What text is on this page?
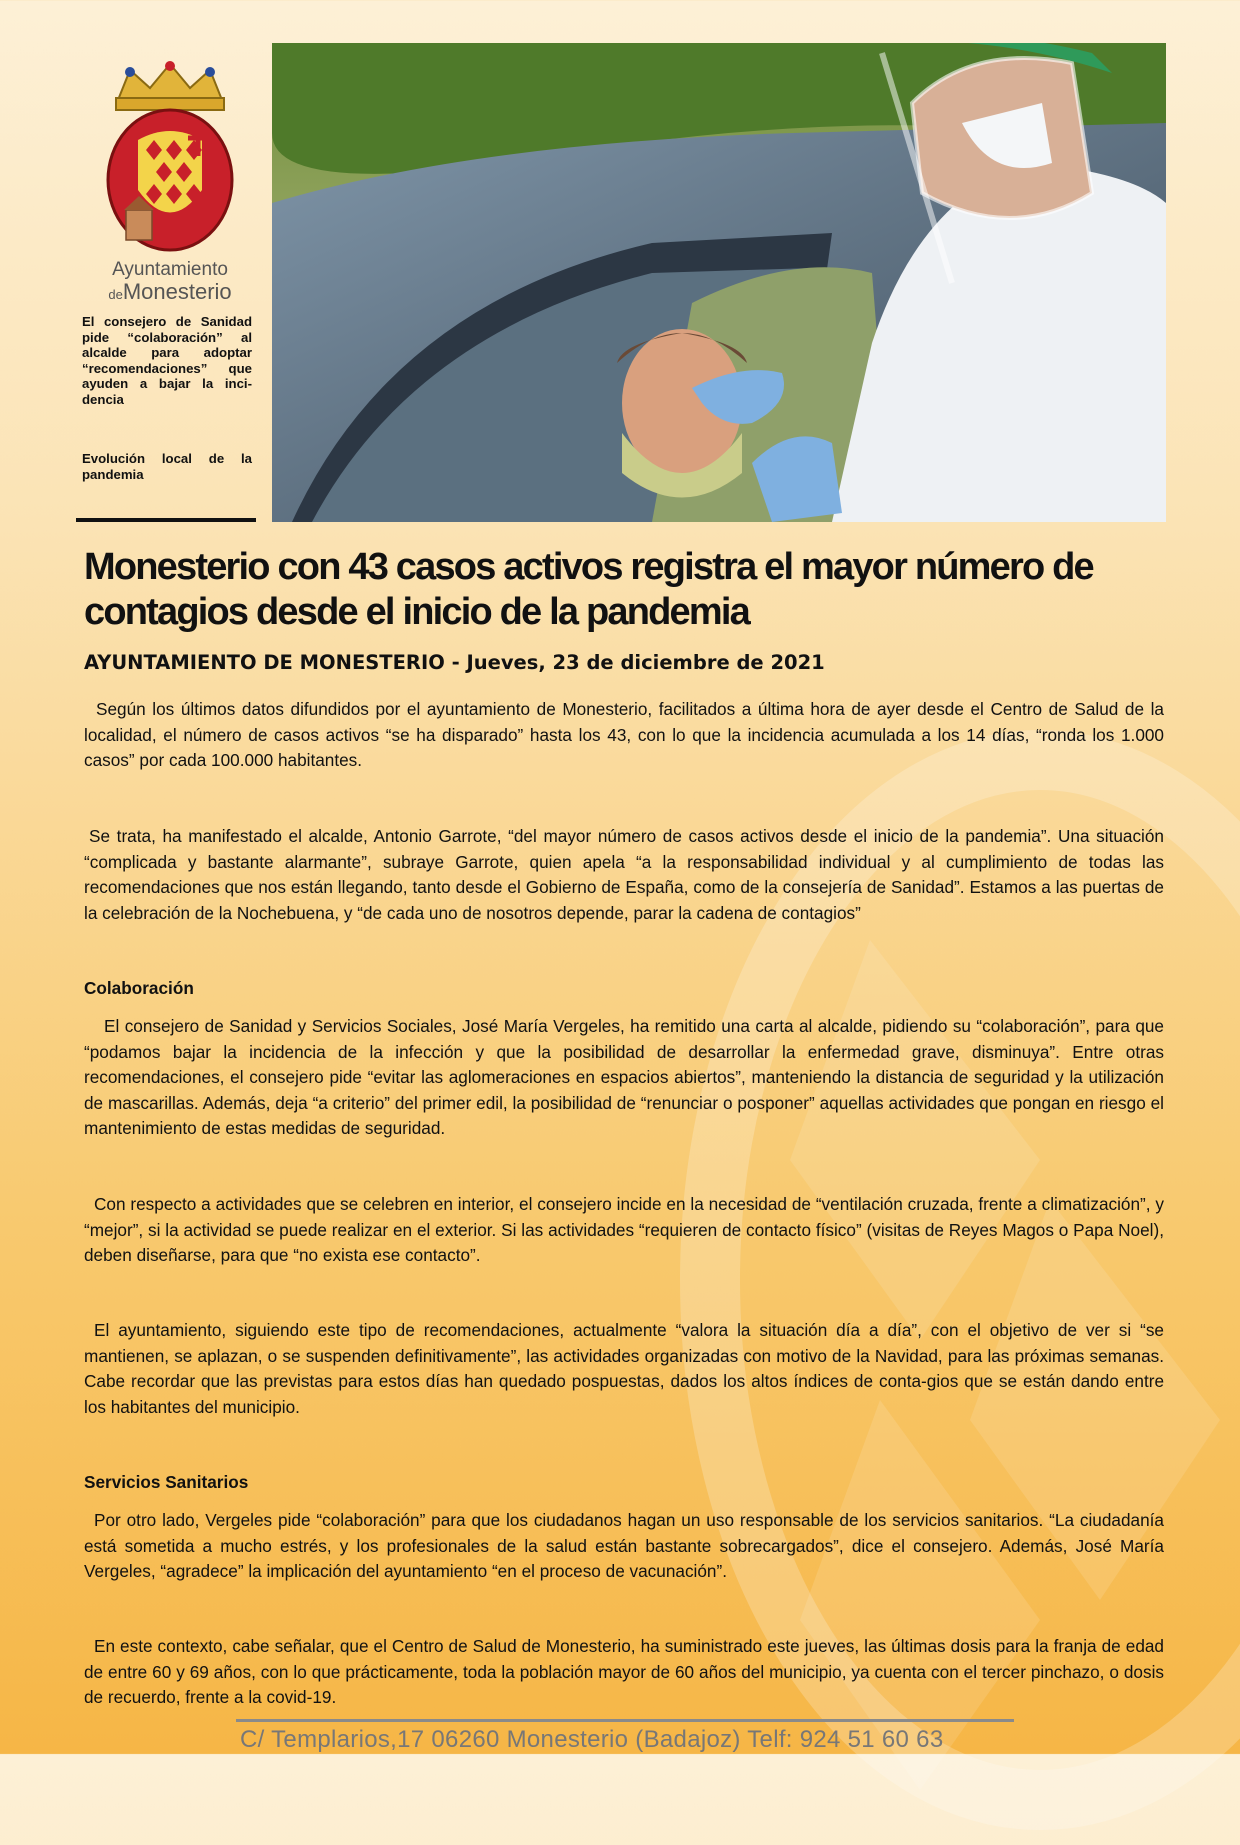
Ayuntamiento
deMonesterio

El consejero de Sanidad pide “colaboración” al alcalde para adoptar “recomendaciones” que ayuden a bajar la inci-dencia

Evolución local de la pandemia

Monesterio con 43 casos activos registra el mayor número de contagios desde el inicio de la pandemia
AYUNTAMIENTO DE MONESTERIO - Jueves, 23 de diciembre de 2021

Según los últimos datos difundidos por el ayuntamiento de Monesterio, facilitados a última hora de ayer desde el Centro de Salud de la localidad, el número de casos activos “se ha disparado” hasta los 43, con lo que la incidencia acumulada a los 14 días, “ronda los 1.000 casos” por cada 100.000 habitantes.

Se trata, ha manifestado el alcalde, Antonio Garrote, “del mayor número de casos activos desde el inicio de la pandemia”. Una situación “complicada y bastante alarmante”, subraye Garrote, quien apela “a la responsabilidad individual y al cumplimiento de todas las recomendaciones que nos están llegando, tanto desde el Gobierno de España, como de la consejería de Sanidad”. Estamos a las puertas de la celebración de la Nochebuena, y “de cada uno de nosotros depende, parar la cadena de contagios”

Colaboración

El consejero de Sanidad y Servicios Sociales, José María Vergeles, ha remitido una carta al alcalde, pidiendo su “colaboración”, para que “podamos bajar la incidencia de la infección y que la posibilidad de desarrollar la enfermedad grave, disminuya”. Entre otras recomendaciones, el consejero pide “evitar las aglomeraciones en espacios abiertos”, manteniendo la distancia de seguridad y la utilización de mascarillas. Además, deja “a criterio” del primer edil, la posibilidad de “renunciar o posponer” aquellas actividades que pongan en riesgo el mantenimiento de estas medidas de seguridad.

Con respecto a actividades que se celebren en interior, el consejero incide en la necesidad de “ventilación cruzada, frente a climatización”, y “mejor”, si la actividad se puede realizar en el exterior. Si las actividades “requieren de contacto físico” (visitas de Reyes Magos o Papa Noel), deben diseñarse, para que “no exista ese contacto”.

El ayuntamiento, siguiendo este tipo de recomendaciones, actualmente “valora la situación día a día”, con el objetivo de ver si “se mantienen, se aplazan, o se suspenden definitivamente”, las actividades organizadas con motivo de la Navidad, para las próximas semanas. Cabe recordar que las previstas para estos días han quedado pospuestas, dados los altos índices de conta-gios que se están dando entre los habitantes del municipio.

Servicios Sanitarios

Por otro lado, Vergeles pide “colaboración” para que los ciudadanos hagan un uso responsable de los servicios sanitarios. “La ciudadanía está sometida a mucho estrés, y los profesionales de la salud están bastante sobrecargados”, dice el consejero. Además, José María Vergeles, “agradece” la implicación del ayuntamiento “en el proceso de vacunación”.

En este contexto, cabe señalar, que el Centro de Salud de Monesterio, ha suministrado este jueves, las últimas dosis para la franja de edad de entre 60 y 69 años, con lo que prácticamente, toda la población mayor de 60 años del municipio, ya cuenta con el tercer pinchazo, o dosis de recuerdo, frente a la covid-19.

C/ Templarios,17 06260 Monesterio (Badajoz) Telf: 924 51 60 63
